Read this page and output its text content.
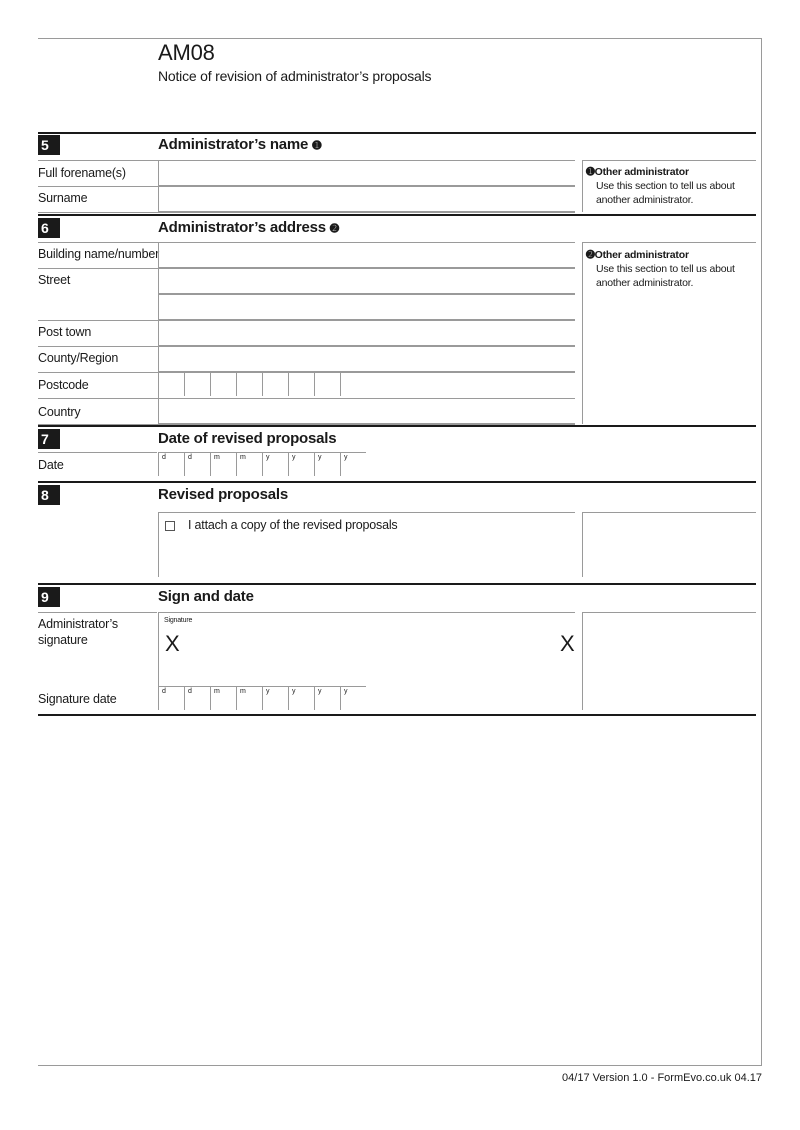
AM08
Notice of revision of administrator’s proposals
5	Administrator’s name ➊
Full forename(s)
Surname
➊Other administrator
Use this section to tell us about
another administrator.
6	Administrator’s address ➋
Building name/number
Street
Post town
County/Region
Postcode
Country
➋Other administrator
Use this section to tell us about
another administrator.
7	Date of revised proposals
Date
d	d	m	m	y	y	y	y
8	Revised proposals
I attach a copy of the revised proposals
9	Sign and date
Administrator’s
signature
Signature
X	X
Signature date
d	d	m	m	y	y	y	y
04/17 Version 1.0 - FormEvo.co.uk 04.17
